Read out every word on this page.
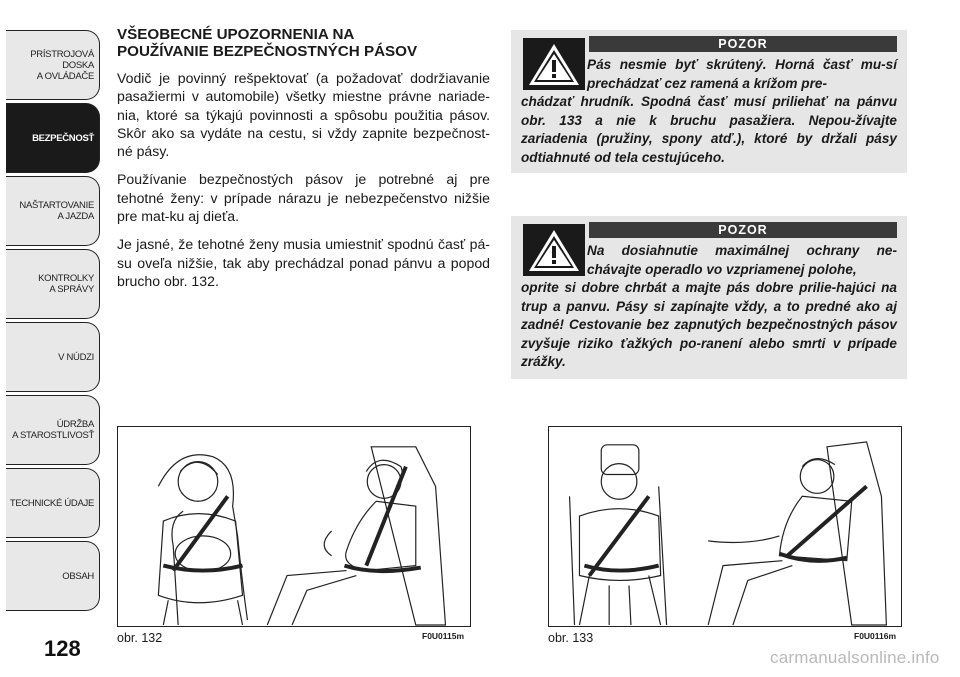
PRÍSTROJOVÁ
DOSKA
A OVLÁDAČE
BEZPEČNOSŤ
NAŠTARTOVANIE
A JAZDA
KONTROLKY
A SPRÁVY
V NÚDZI
ÚDRŽBA
A STAROSTLIVOSŤ
TECHNICKÉ ÚDAJE
OBSAH
128
VŠEOBECNÉ UPOZORNENIA NA
POUŽÍVANIE BEZPEČNOSTNÝCH PÁSOV

Vodič je povinný rešpektovať (a požadovať dodržiavanie pasažiermi v automobile) všetky miestne právne nariade-nia, ktoré sa týkajú povinnosti a spôsobu použitia pásov. Skôr ako sa vydáte na cestu, si vždy zapnite bezpečnost-né pásy.

Používanie bezpečnostých pásov je potrebné aj pre tehotné ženy: v prípade nárazu je nebezpečenstvo nižšie pre mat-ku aj dieťa.

Je jasné, že tehotné ženy musia umiestniť spodnú časť pá-su oveľa nižšie, tak aby prechádzal ponad pánvu a popod brucho obr. 132.

POZOR
Pás nesmie byť skrútený. Horná časť mu-sí prechádzať cez ramená a krížom pre-
chádzať hrudník. Spodná časť musí priliehať na pánvu obr. 133 a nie k bruchu pasažiera. Nepou-žívajte zariadenia (pružiny, spony atď.), ktoré by držali pásy odtiahnuté od tela cestujúceho.
POZOR
Na dosiahnutie maximálnej ochrany ne-chávajte operadlo vo vzpriamenej polohe,
oprite si dobre chrbát a majte pás dobre prilie-hajúci na trup a panvu. Pásy si zapínajte vždy, a to predné ako aj zadné! Cestovanie bez zapnutých bezpečnostných pásov zvyšuje riziko ťažkých po-ranení alebo smrti v prípade zrážky.
obr. 132	F0U0115m	obr. 133	F0U0116m
carmanualsonline.info
